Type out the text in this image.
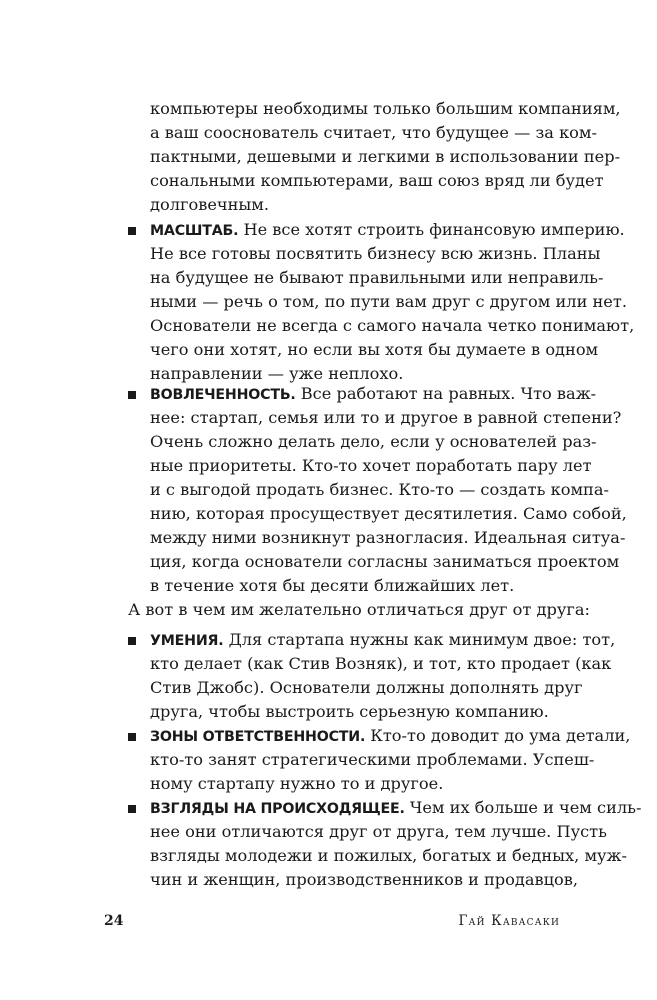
компьютеры необходимы только большим компаниям,
а ваш сооснователь считает, что будущее — за ком-
пактными, дешевыми и легкими в использовании пер-
сональными компьютерами, ваш союз вряд ли будет
долговечным.
МАСШТАБ. Не все хотят строить финансовую империю.
Не все готовы посвятить бизнесу всю жизнь. Планы
на будущее не бывают правильными или неправиль-
ными — речь о том, по пути вам друг с другом или нет.
Основатели не всегда с самого начала четко понимают,
чего они хотят, но если вы хотя бы думаете в одном
направлении — уже неплохо.
ВОВЛЕЧЕННОСТЬ. Все работают на равных. Что важ-
нее: стартап, семья или то и другое в равной степени?
Очень сложно делать дело, если у основателей раз-
ные приоритеты. Кто-то хочет поработать пару лет
и с выгодой продать бизнес. Кто-то — создать компа-
нию, которая просуществует десятилетия. Само собой,
между ними возникнут разногласия. Идеальная ситуа-
ция, когда основатели согласны заниматься проектом
в течение хотя бы десяти ближайших лет.
А вот в чем им желательно отличаться друг от друга:
УМЕНИЯ. Для стартапа нужны как минимум двое: тот,
кто делает (как Стив Возняк), и тот, кто продает (как
Стив Джобс). Основатели должны дополнять друг
друга, чтобы выстроить серьезную компанию.
ЗОНЫ ОТВЕТСТВЕННОСТИ. Кто-то доводит до ума детали,
кто-то занят стратегическими проблемами. Успеш-
ному стартапу нужно то и другое.
ВЗГЛЯДЫ НА ПРОИСХОДЯЩЕЕ. Чем их больше и чем силь-
нее они отличаются друг от друга, тем лучше. Пусть
взгляды молодежи и пожилых, богатых и бедных, муж-
чин и женщин, производственников и продавцов,
24	Гай Кавасаки
